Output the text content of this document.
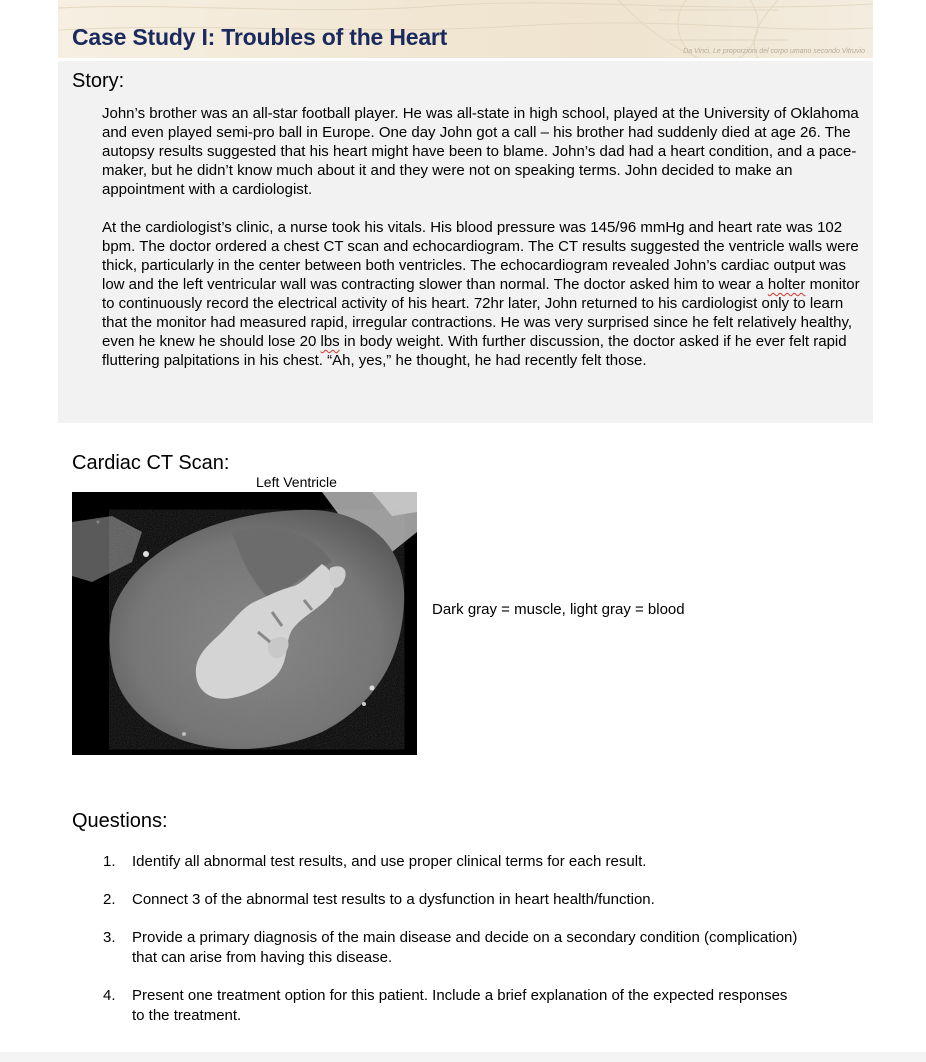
Case Study I: Troubles of the Heart
Da Vinci, Le proporzioni del corpo umano secondo Vitruvio
Story:
John’s brother was an all-star football player. He was all-state in high school, played at the University of Oklahoma and even played semi-pro ball in Europe. One day John got a call – his brother had suddenly died at age 26. The autopsy results suggested that his heart might have been to blame. John’s dad had a heart condition, and a pace-maker, but he didn’t know much about it and they were not on speaking terms. John decided to make an appointment with a cardiologist.
At the cardiologist’s clinic, a nurse took his vitals. His blood pressure was 145/96 mmHg and heart rate was 102 bpm. The doctor ordered a chest CT scan and echocardiogram. The CT results suggested the ventricle walls were thick, particularly in the center between both ventricles. The echocardiogram revealed John’s cardiac output was low and the left ventricular wall was contracting slower than normal. The doctor asked him to wear a holter monitor to continuously record the electrical activity of his heart. 72hr later, John returned to his cardiologist only to learn that the monitor had measured rapid, irregular contractions. He was very surprised since he felt relatively healthy, even he knew he should lose 20 lbs in body weight. With further discussion, the doctor asked if he ever felt rapid fluttering palpitations in his chest. “Ah, yes,” he thought, he had recently felt those.
Cardiac CT Scan:
Left Ventricle
Dark gray = muscle, light gray = blood
Questions:
1.	Identify all abnormal test results, and use proper clinical terms for each result.
2.	Connect 3 of the abnormal test results to a dysfunction in heart health/function.
3.	Provide a primary diagnosis of the main disease and decide on a secondary condition (complication) that can arise from having this disease.
4.	Present one treatment option for this patient. Include a brief explanation of the expected responses to the treatment.
